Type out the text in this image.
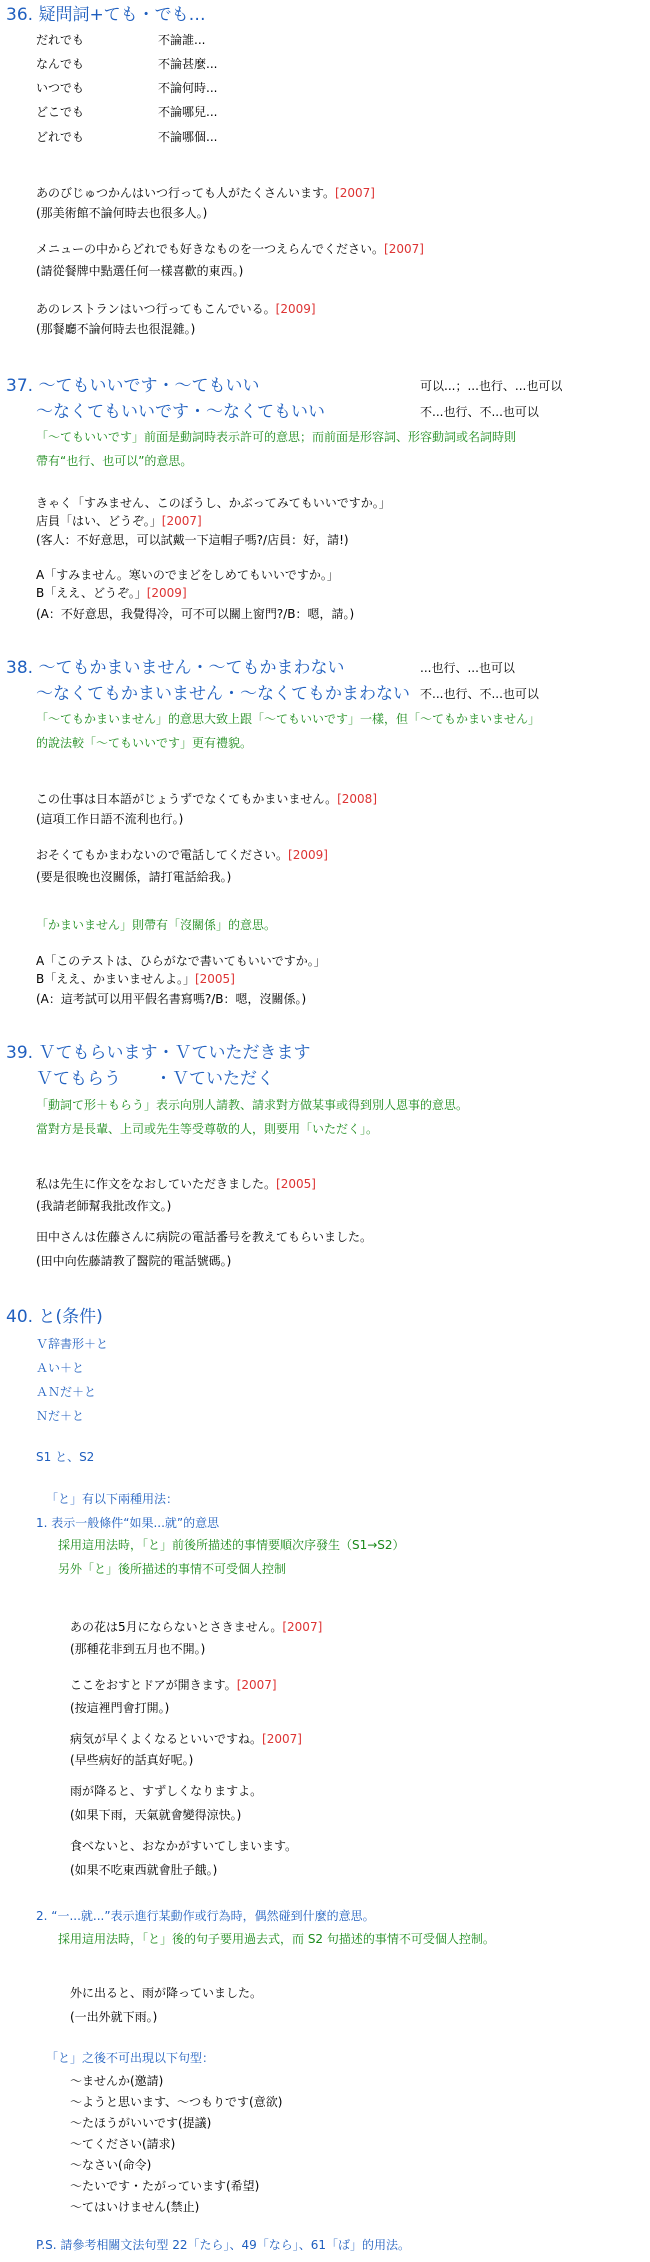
36. 疑問詞+ても・でも…
だれでも	不論誰...
なんでも	不論甚麼...
いつでも	不論何時...
どこでも	不論哪兒...
どれでも	不論哪個...
あのびじゅつかんはいつ行っても人がたくさんいます。[2007]
(那美術館不論何時去也很多人。)
メニューの中からどれでも好きなものを一つえらんでください。[2007]
(請從餐牌中點選任何一樣喜歡的東西。)
あのレストランはいつ行ってもこんでいる。[2009]
(那餐廳不論何時去也很混雜。)
37. ～てもいいです・～てもいい	可以...；...也行、...也可以
～なくてもいいです・～なくてもいい	不...也行、不...也可以
「～てもいいです」前面是動詞時表示許可的意思；而前面是形容詞、形容動詞或名詞時則
帶有“也行、也可以”的意思。
きゃく「すみません、このぼうし、かぶってみてもいいですか。」
店員「はい、どうぞ。」[2007]
(客人：不好意思，可以試戴一下這帽子嗎?/店員：好，請!)
A「すみません。寒いのでまどをしめてもいいですか。」
B「ええ、どうぞ。」[2009]
(A：不好意思，我覺得冷，可不可以關上窗門?/B：嗯，請。)
38. ～てもかまいません・～てもかまわない	...也行、...也可以
～なくてもかまいません・～なくてもかまわない 不...也行、不...也可以
「～てもかまいません」的意思大致上跟「～てもいいです」一樣，但「～てもかまいません」
的說法較「～てもいいです」更有禮貌。
この仕事は日本語がじょうずでなくてもかまいません。[2008]
(這項工作日語不流利也行。)
おそくてもかまわないので電話してください。[2009]
(要是很晚也沒關係，請打電話給我。)
「かまいません」則帶有「沒關係」的意思。
A「このテストは、ひらがなで書いてもいいですか。」
B「ええ、かまいませんよ。」[2005]
(A：這考試可以用平假名書寫嗎?/B：嗯，沒關係。)
39. Ｖてもらいます・Ｖていただきます
Ｖてもらう　　・Ｖていただく
「動詞て形＋もらう」表示向別人請教、請求對方做某事或得到別人恩事的意思。
當對方是長輩、上司或先生等受尊敬的人，則要用「いただく」。
私は先生に作文をなおしていただきました。[2005]
(我請老師幫我批改作文。)
田中さんは佐藤さんに病院の電話番号を教えてもらいました。
(田中向佐藤請教了醫院的電話號碼。)
40. と(条件)
Ｖ辞書形＋と
Ａい＋と
ＡＮだ＋と
Ｎだ＋と
S1 と、S2
「と」有以下兩種用法：
1. 表示一般條件“如果...就”的意思
採用這用法時，「と」前後所描述的事情要順次序發生（S1→S2）
另外「と」後所描述的事情不可受個人控制
あの花は5月にならないとさきません。[2007]
(那種花非到五月也不開。)
ここをおすとドアが開きます。[2007]
(按這裡門會打開。)
病気が早くよくなるといいですね。[2007]
(早些病好的話真好呢。)
雨が降ると、すずしくなりますよ。
(如果下雨，天氣就會變得涼快。)
食べないと、おなかがすいてしまいます。
(如果不吃東西就會肚子餓。)
2. “一...就...”表示進行某動作或行為時，偶然碰到什麼的意思。
採用這用法時，「と」後的句子要用過去式，而 S2 句描述的事情不可受個人控制。
外に出ると、雨が降っていました。
(一出外就下雨。)
「と」之後不可出現以下句型：
～ませんか(邀請)
～ようと思います、～つもりです(意欲)
～たほうがいいです(提議)
～てください(請求)
～なさい(命令)
～たいです・たがっています(希望)
～てはいけません(禁止)
P.S. 請參考相關文法句型 22「たら」、49「なら」、61「ば」的用法。
